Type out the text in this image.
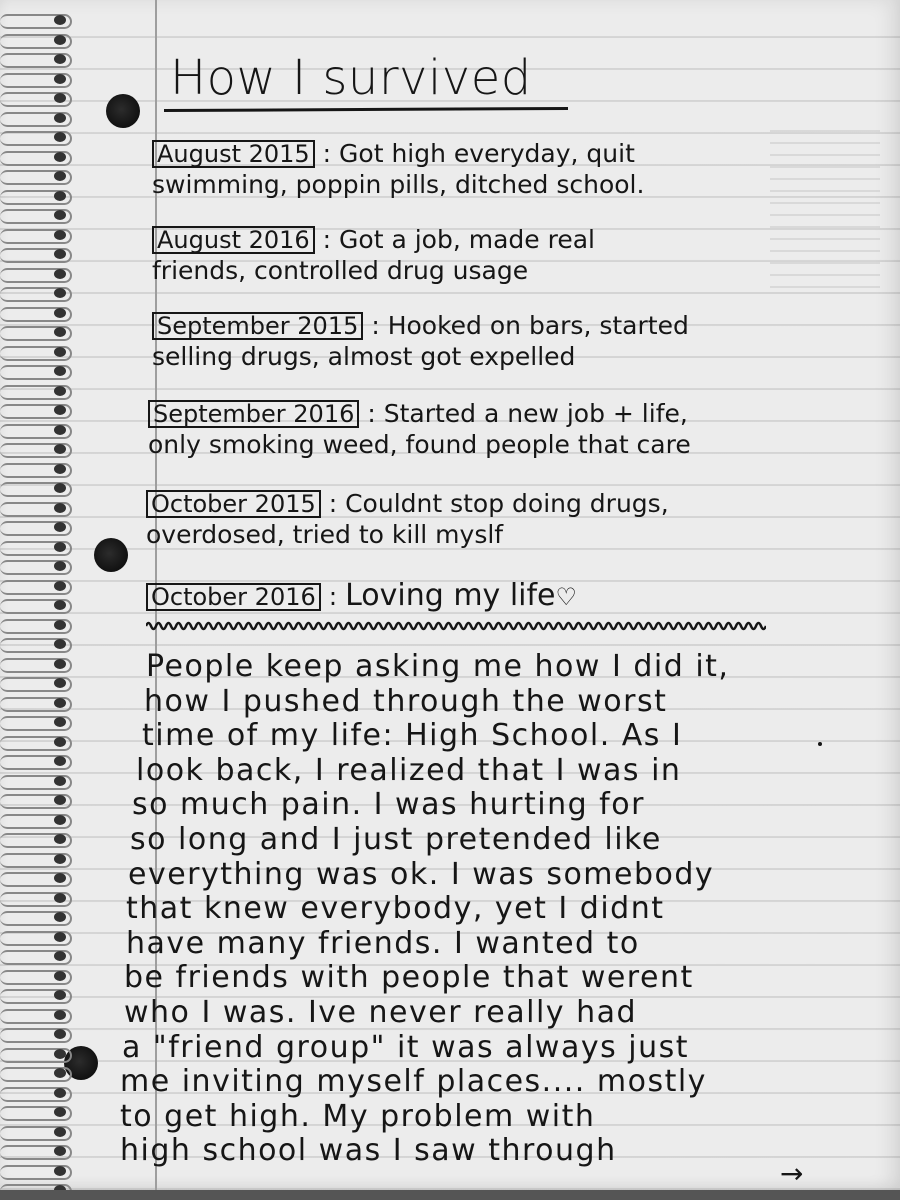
How I survived
August 2015 : Got high everyday, quit
swimming, poppin pills, ditched school.
August 2016 : Got a job, made real
friends, controlled drug usage
September 2015 : Hooked on bars, started
selling drugs, almost got expelled
September 2016 : Started a new job + life,
only smoking weed, found people that care
October 2015 : Couldnt stop doing drugs,
overdosed, tried to kill myslf
October 2016 : Loving my life♡
People keep asking me how I did it,
how I pushed through the worst
time of my life: High School. As I
look back, I realized that I was in
so much pain. I was hurting for
so long and I just pretended like
everything was ok. I was somebody
that knew everybody, yet I didnt
have many friends. I wanted to
be friends with people that werent
who I was. Ive never really had
a "friend group" it was always just
me inviting myself places.... mostly
to get high. My problem with
high school was I saw through
→
